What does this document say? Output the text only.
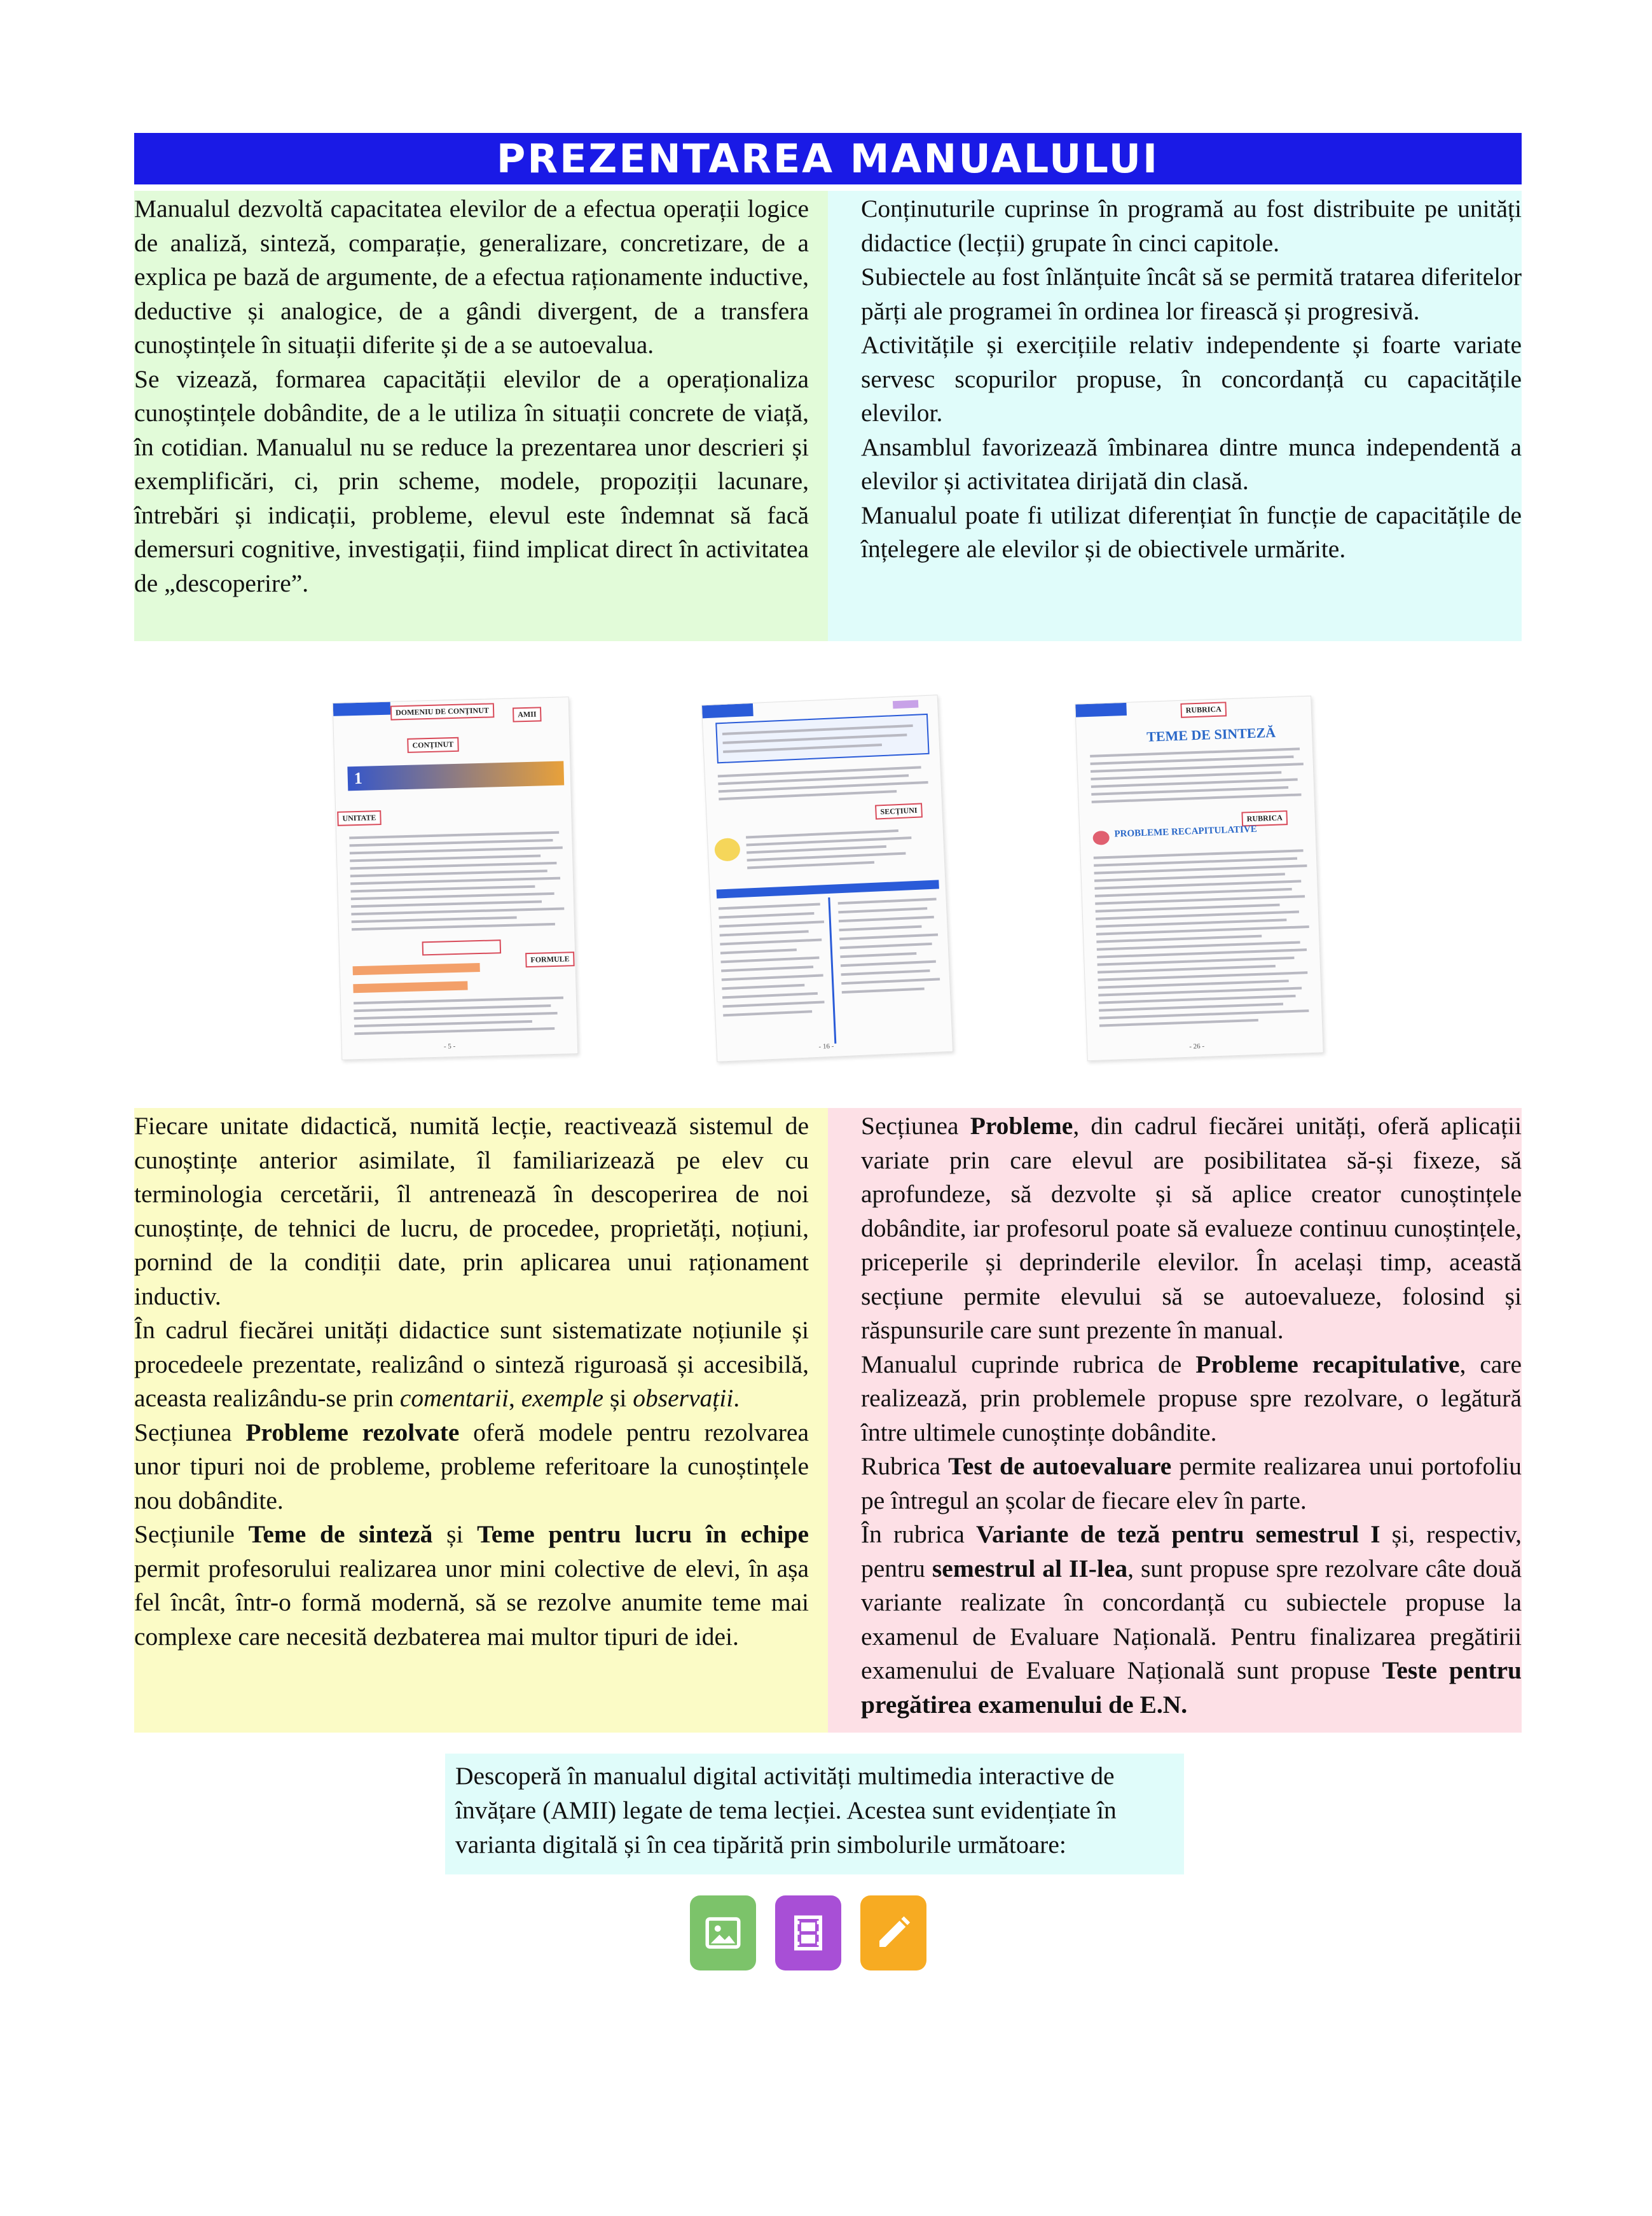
PREZENTAREA MANUALULUI

Manualul dezvoltă capacitatea elevilor de a efectua operații logice de analiză, sinteză, comparație, generalizare, concretizare, de a explica pe bază de argumente, de a efectua raționamente inductive, deductive și analogice, de a gândi divergent, de a transfera cunoștințele în situații diferite și de a se autoevalua.

Se vizează, formarea capacității elevilor de a operaționaliza cunoștințele dobândite, de a le utiliza în situații concrete de viață, în cotidian. Manualul nu se reduce la prezentarea unor descrieri și exemplificări, ci, prin scheme, modele, propoziții lacunare, întrebări și indicații, probleme, elevul este îndemnat să facă demersuri cognitive, investigații, fiind implicat direct în activitatea de „descoperire”.

Conținuturile cuprinse în programă au fost distribuite pe unități didactice (lecții) grupate în cinci capitole.

Subiectele au fost înlănțuite încât să se permită tratarea diferitelor părți ale programei în ordinea lor firească și progresivă.

Activitățile și exercițiile relativ independente și foarte variate servesc scopurilor propuse, în concordanță cu capacitățile elevilor.

Ansamblul favorizează îmbinarea dintre munca independentă a elevilor și activitatea dirijată din clasă.

Manualul poate fi utilizat diferențiat în funcție de capacitățile de înțelegere ale elevilor și de obiectivele urmărite.

DOMENIU DE CONȚINUT	AMII
CONȚINUT
1
UNITATE
FORMULE
- 5 -
SECȚIUNI
- 16 -
RUBRICA
TEME DE SINTEZĂ
RUBRICA
PROBLEME RECAPITULATIVE
- 26 -

Fiecare unitate didactică, numită lecție, reactivează sistemul de cunoștințe anterior asimilate, îl familiarizează pe elev cu terminologia cercetării, îl antrenează în descoperirea de noi cunoștințe, de tehnici de lucru, de procedee, proprietăți, noțiuni, pornind de la condiții date, prin aplicarea unui raționament inductiv.

În cadrul fiecărei unități didactice sunt sistematizate noțiunile și procedeele prezentate, realizând o sinteză riguroasă și accesibilă, aceasta realizându-se prin comentarii, exemple și observații.

Secțiunea Probleme rezolvate oferă modele pentru rezolvarea unor tipuri noi de probleme, probleme referitoare la cunoștințele nou dobândite.

Secțiunile Teme de sinteză și Teme pentru lucru în echipe permit profesorului realizarea unor mini colective de elevi, în așa fel încât, într-o formă modernă, să se rezolve anumite teme mai complexe care necesită dezbaterea mai multor tipuri de idei.

Secțiunea Probleme, din cadrul fiecărei unități, oferă aplicații variate prin care elevul are posibilitatea să-și fixeze, să aprofundeze, să dezvolte și să aplice creator cunoștințele dobândite, iar profesorul poate să evalueze continuu cunoștințele, priceperile și deprinderile elevilor. În același timp, această secțiune permite elevului să se autoevalueze, folosind și răspunsurile care sunt prezente în manual.

Manualul cuprinde rubrica de Probleme recapitulative, care realizează, prin problemele propuse spre rezolvare, o legătură între ultimele cunoștințe dobândite.

Rubrica Test de autoevaluare permite realizarea unui portofoliu pe întregul an școlar de fiecare elev în parte.

În rubrica Variante de teză pentru semestrul I și, respectiv, pentru semestrul al II-lea, sunt propuse spre rezolvare câte două variante realizate în concordanță cu subiectele propuse la examenul de Evaluare Națională. Pentru finalizarea pregătirii examenului de Evaluare Națională sunt propuse Teste pentru pregătirea examenului de E.N.

Descoperă în manualul digital activități multimedia interactive de învățare (AMII) legate de tema lecției. Acestea sunt evidențiate în varianta digitală și în cea tipărită prin simbolurile următoare:
